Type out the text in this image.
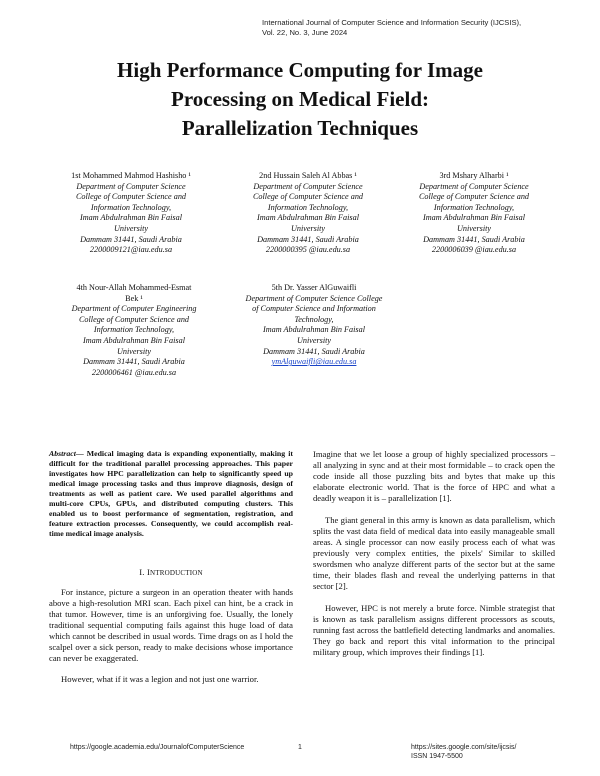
International Journal of Computer Science and Information Security (IJCSIS),
Vol. 22, No. 3, June 2024
High Performance Computing for Image
Processing on Medical Field:
Parallelization Techniques
1st Mohammed Mahmod Hashisho ¹
Department of Computer Science
College of Computer Science and
Information Technology,
Imam Abdulrahman Bin Faisal
University
Dammam 31441, Saudi Arabia
2200009121@iau.edu.sa
2nd Hussain Saleh Al Abbas ¹
Department of Computer Science
College of Computer Science and
Information Technology,
Imam Abdulrahman Bin Faisal
University
Dammam 31441, Saudi Arabia
2200000395 @iau.edu.sa
3rd Mshary Alharbi ¹
Department of Computer Science
College of Computer Science and
Information Technology,
Imam Abdulrahman Bin Faisal
University
Dammam 31441, Saudi Arabia
2200006039 @iau.edu.sa
4th Nour-Allah Mohammed-Esmat
Bek ¹
Department of Computer Engineering
College of Computer Science and
Information Technology,
Imam Abdulrahman Bin Faisal
University
Dammam 31441, Saudi Arabia
2200006461 @iau.edu.sa
5th Dr. Yasser AlGuwaifli
Department of Computer Science College
of Computer Science and Information
Technology,
Imam Abdulrahman Bin Faisal
University
Dammam 31441, Saudi Arabia
ymAlguwaifli@iau.edu.sa

Abstract— Medical imaging data is expanding exponentially, making it difficult for the traditional parallel processing approaches. This paper investigates how HPC parallelization can help to significantly speed up medical image processing tasks and thus improve diagnosis, design of treatments as well as patient care. We used parallel algorithms and multi-core CPUs, GPUs, and distributed computing clusters. This enabled us to boost performance of segmentation, registration, and feature extraction processes. Consequently, we could accomplish real-time medical image analysis.

I. INTRODUCTION

For instance, picture a surgeon in an operation theater with hands above a high-resolution MRI scan. Each pixel can hint, be a crack in that tumor. However, time is an unforgiving foe. Usually, the lonely traditional sequential computing fails against this huge load of data which cannot be described in usual words. Time drags on as I hold the scalpel over a sick person, ready to make decisions whose importance can never be exaggerated.

However, what if it was a legion and not just one warrior.

Imagine that we let loose a group of highly specialized processors – all analyzing in sync and at their most formidable – to crack open the code inside all those puzzling bits and bytes that make up this elaborate electronic world. That is the force of HPC and what a deadly weapon it is – parallelization [1].

The giant general in this army is known as data parallelism, which splits the vast data field of medical data into easily manageable small areas. A single processor can now easily process each of what was previously very complex entities, the pixels' Similar to skilled swordsmen who analyze different parts of the sector but at the same time, their blades flash and reveal the underlying patterns in that sector [2].

However, HPC is not merely a brute force. Nimble strategist that is known as task parallelism assigns different processors as scouts, running fast across the battlefield detecting landmarks and anomalies. They go back and report this vital information to the principal military group, which improves their findings [1].

https://google.academia.edu/JournalofComputerScience	1	https://sites.google.com/site/ijcsis/
ISSN 1947-5500
